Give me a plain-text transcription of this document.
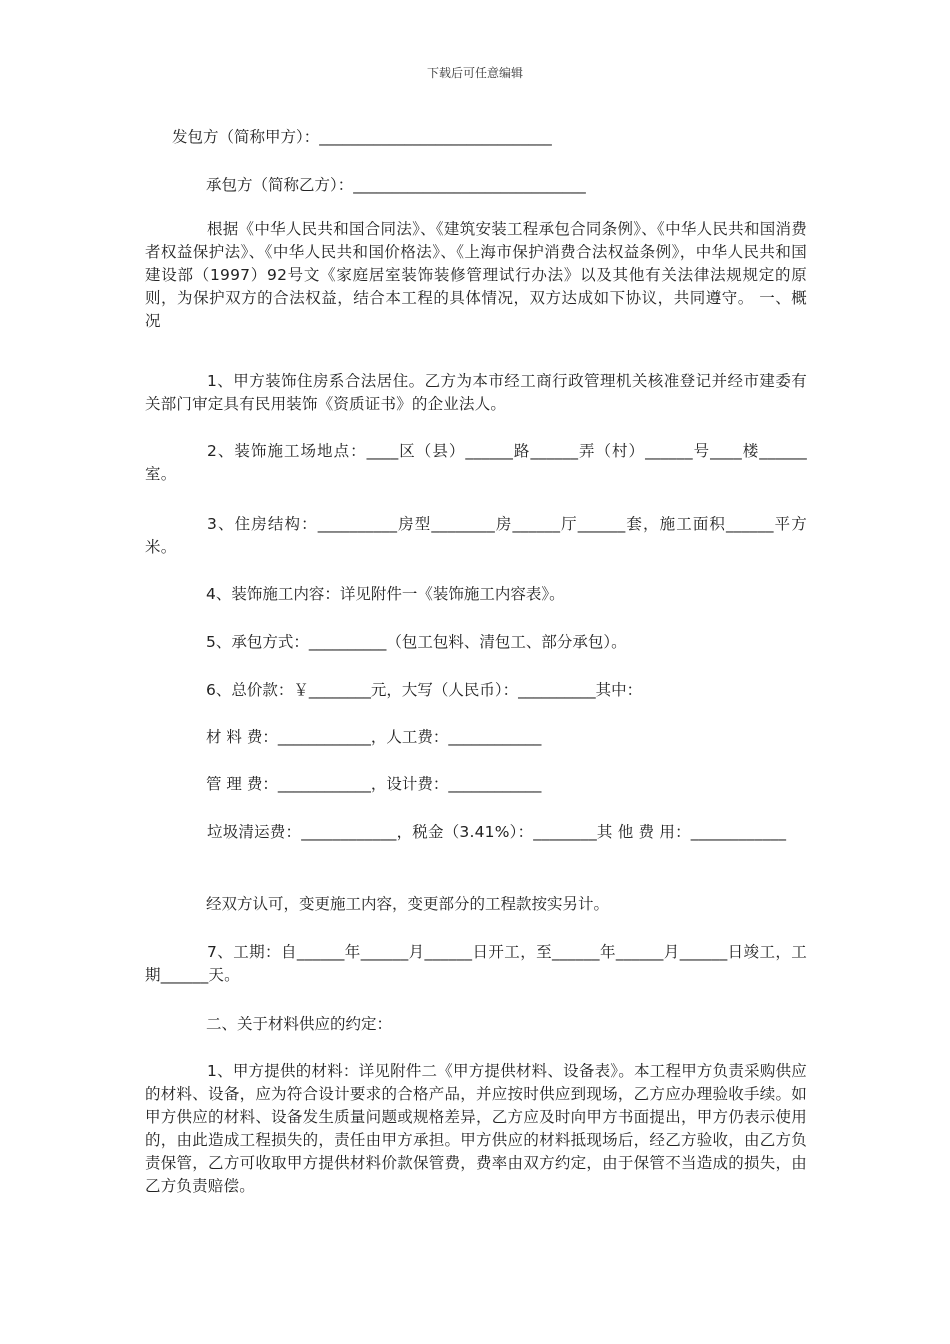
下载后可任意编辑
发包方（简称甲方）：______________________________
承包方（简称乙方）：______________________________

根据《中华人民共和国合同法》、《建筑安装工程承包合同条例》、《中华人民共和国消费者权益保护法》、《中华人民共和国价格法》、《上海市保护消费合法权益条例》，中华人民共和国建设部（1997）92号文《家庭居室装饰装修管理试行办法》以及其他有关法律法规规定的原则，为保护双方的合法权益，结合本工程的具体情况，双方达成如下协议，共同遵守。 一、概况

1、甲方装饰住房系合法居住。乙方为本市经工商行政管理机关核准登记并经市建委有关部门审定具有民用装饰《资质证书》的企业法人。

2、装饰施工场地点：____区（县）______路______弄（村）______号____楼______室。

3、住房结构：__________房型________房______厅______套，施工面积______平方米。

4、装饰施工内容：详见附件一《装饰施工内容表》。
5、承包方式：__________（包工包料、清包工、部分承包）。
6、总价款：￥________元，大写（人民币）：__________其中：
材 料 费：____________，人工费：____________
管 理 费：____________，设计费：____________

垃圾清运费：____________，税金（3.41%）：________其 他 费 用：____________

经双方认可，变更施工内容，变更部分的工程款按实另计。

7、工期：自______年______月______日开工，至______年______月______日竣工，工期______天。

二、关于材料供应的约定：

1、甲方提供的材料：详见附件二《甲方提供材料、设备表》。本工程甲方负责采购供应的材料、设备，应为符合设计要求的合格产品，并应按时供应到现场，乙方应办理验收手续。如甲方供应的材料、设备发生质量问题或规格差异，乙方应及时向甲方书面提出，甲方仍表示使用的，由此造成工程损失的，责任由甲方承担。甲方供应的材料抵现场后，经乙方验收，由乙方负责保管，乙方可收取甲方提供材料价款保管费，费率由双方约定，由于保管不当造成的损失，由乙方负责赔偿。
